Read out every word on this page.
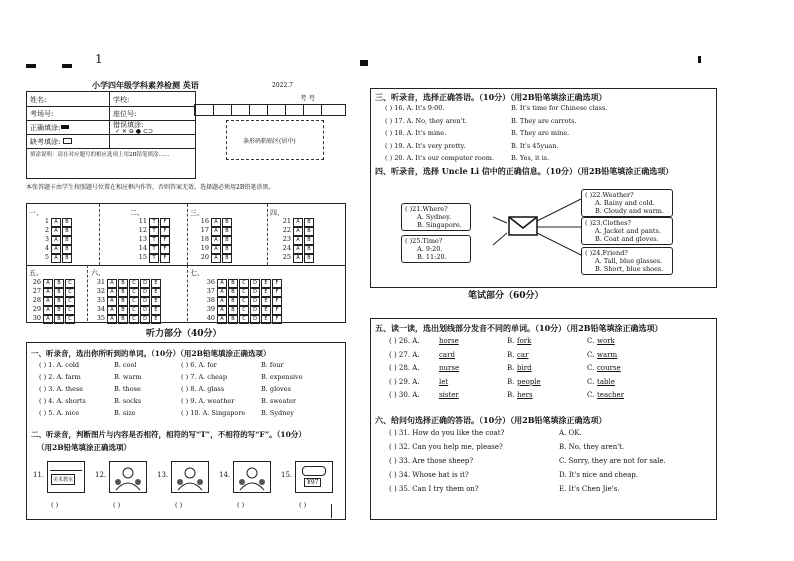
1
小学四年级学科素养检测 英语	2022.7
考 号
姓名:	学校:
考场号:	座位号:
正确填涂:	错误填涂:
✓ ✕ ⊖ ● ⊂⊃
缺考填涂:
填涂说明：请在对应题号的相应选项上用2B铅笔填涂……
条形码粘贴区(居中)
本张答题卡由学生按照题号位置在相应框内作答，否则答案无效。选择题必须用2B铅笔涂黑。
一、	二、	三、	四、
五、	六、	七、
1 A B
2 A B
3 A B
4 A B
5 A B
11 T F
12 T F
13 T F
14 T F
15 T F
16 A B
17 A B
18 A B
19 A B
20 A B
21 A B
22 A B
23 A B
24 A B
25 A B
26 A B C
27 A B C
28 A B C
29 A B C
30 A B C
31 A B C D E
32 A B C D E
33 A B C D E
34 A B C D E
35 A B C D E
36 A B C D E F
37 A B C D E F
38 A B C D E F
39 A B C D E F
40 A B C D E F
听力部分（40分）
一、听录音，选出你所听到的单词。（10分）（用2B铅笔填涂正确选项）
( ) 1. A. cold	B. cool	( ) 6. A. for	B. four
( ) 2. A. farm	B. warm	( ) 7. A. cheap	B. expensive
( ) 3. A. these	B. those	( ) 8. A. glass	B. gloves
( ) 4. A. shorts	B. socks	( ) 9. A. weather	B. sweater
( ) 5. A. nice	B. size	( ) 10. A. Singapore B. Sydney
二、听录音，判断图片与内容是否相符，相符的写“T”，不相符的写“F”。（10分）
（用2B铅笔填涂正确选项）
11.
美术教室
( )
12.
( )
13.
( )
14.
( )
15.
¥97
( )
三、听录音，选择正确答语。（10分）（用2B铅笔填涂正确选项）
( ) 16. A. It's 9:00.	B. It's time for Chinese class.
( ) 17. A. No, they aren't.	B. They are carrots.
( ) 18. A. It's mine.	B. They are mine.
( ) 19. A. It's very pretty.	B. It's 45yuan.
( ) 20. A. It's our computer room.	B. Yes, it is.
四、听录音，选择 Uncle Li 信中的正确信息。（10分）（用2B铅笔填涂正确选项）
( )21.Where?
A. Sydney.
B. Singapore.
( )25.Time?
A. 9:20.
B. 11:20.
( )22.Weather?
A. Rainy and cold.
B. Cloudy and warm.
( )23.Clothes?
A. Jacket and pants.
B. Coat and gloves.
( )24.Friend?
A. Tall, blue glasses.
B. Short, blue shoes.
笔试部分（60分）
五、读一读，选出划线部分发音不同的单词。（10分）（用2B铅笔填涂正确选项）
( ) 26. A.	horse	B. fork	C. work
( ) 27. A.	card	B. car	C. warm
( ) 28. A.	nurse	B. bird	C. course
( ) 29. A.	let	B. people	C. table
( ) 30. A.	sister	B. hers	C. teacher
六、给问句选择正确的答语。（10分）（用2B铅笔填涂正确选项）
( ) 31. How do you like the coat?	A. OK.
( ) 32. Can you help me, please?	B. No, they aren't.
( ) 33. Are those sheep?	C. Sorry, they are not for sale.
( ) 34. Whose hat is it?	D. It's nice and cheap.
( ) 35. Can I try them on?	E. It's Chen Jie's.
